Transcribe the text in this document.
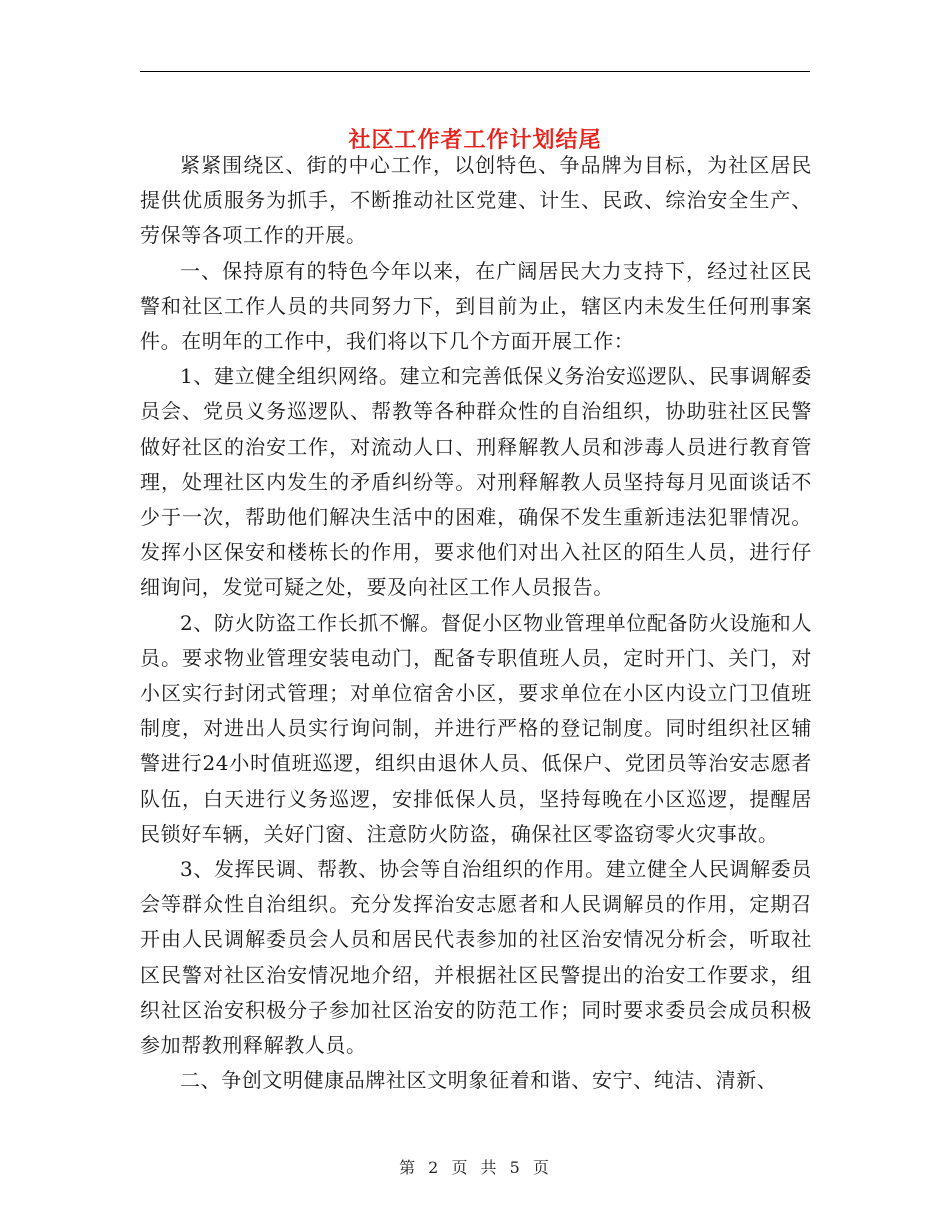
社区工作者工作计划结尾

紧紧围绕区、街的中心工作，以创特色、争品牌为目标，为社区居民提供优质服务为抓手，不断推动社区党建、计生、民政、综治安全生产、劳保等各项工作的开展。

一、保持原有的特色今年以来，在广阔居民大力支持下，经过社区民警和社区工作人员的共同努力下，到目前为止，辖区内未发生任何刑事案件。在明年的工作中，我们将以下几个方面开展工作：

1、建立健全组织网络。建立和完善低保义务治安巡逻队、民事调解委员会、党员义务巡逻队、帮教等各种群众性的自治组织，协助驻社区民警做好社区的治安工作，对流动人口、刑释解教人员和涉毒人员进行教育管理，处理社区内发生的矛盾纠纷等。对刑释解教人员坚持每月见面谈话不少于一次，帮助他们解决生活中的困难，确保不发生重新违法犯罪情况。发挥小区保安和楼栋长的作用，要求他们对出入社区的陌生人员，进行仔细询问，发觉可疑之处，要及向社区工作人员报告。

2、防火防盗工作长抓不懈。督促小区物业管理单位配备防火设施和人员。要求物业管理安装电动门，配备专职值班人员，定时开门、关门，对小区实行封闭式管理；对单位宿舍小区，要求单位在小区内设立门卫值班制度，对进出人员实行询问制，并进行严格的登记制度。同时组织社区辅警进行24小时值班巡逻，组织由退休人员、低保户、党团员等治安志愿者队伍，白天进行义务巡逻，安排低保人员，坚持每晚在小区巡逻，提醒居民锁好车辆，关好门窗、注意防火防盗，确保社区零盗窃零火灾事故。

3、发挥民调、帮教、协会等自治组织的作用。建立健全人民调解委员会等群众性自治组织。充分发挥治安志愿者和人民调解员的作用，定期召开由人民调解委员会人员和居民代表参加的社区治安情况分析会，听取社区民警对社区治安情况地介绍，并根据社区民警提出的治安工作要求，组织社区治安积极分子参加社区治安的防范工作；同时要求委员会成员积极参加帮教刑释解教人员。

二、争创文明健康品牌社区文明象征着和谐、安宁、纯洁、清新、

第 2 页 共 5 页
